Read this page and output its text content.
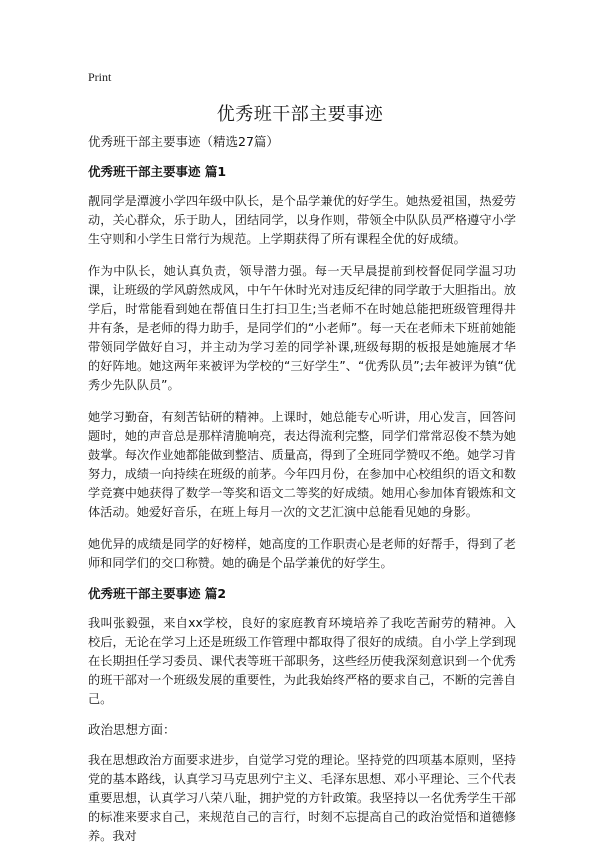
Print
优秀班干部主要事迹

优秀班干部主要事迹（精选27篇）

优秀班干部主要事迹 篇1

靓同学是潭渡小学四年级中队长，是个品学兼优的好学生。她热爱祖国，热爱劳动，关心群众，乐于助人，团结同学，以身作则，带领全中队队员严格遵守小学生守则和小学生日常行为规范。上学期获得了所有课程全优的好成绩。

作为中队长，她认真负责，领导潜力强。每一天早晨提前到校督促同学温习功课，让班级的学风蔚然成风，中午午休时光对违反纪律的同学敢于大胆指出。放学后，时常能看到她在帮值日生打扫卫生;当老师不在时她总能把班级管理得井井有条，是老师的得力助手，是同学们的“小老师”。每一天在老师未下班前她能带领同学做好自习，并主动为学习差的同学补课,班级每期的板报是她施展才华的好阵地。她这两年来被评为学校的“三好学生”、“优秀队员”;去年被评为镇“优秀少先队队员”。

她学习勤奋，有刻苦钻研的精神。上课时，她总能专心听讲，用心发言，回答问题时，她的声音总是那样清脆响亮，表达得流利完整，同学们常常忍俊不禁为她鼓掌。每次作业她都能做到整洁、质量高，得到了全班同学赞叹不绝。她学习肯努力，成绩一向持续在班级的前茅。今年四月份，在参加中心校组织的语文和数学竞赛中她获得了数学一等奖和语文二等奖的好成绩。她用心参加体育锻炼和文体活动。她爱好音乐，在班上每月一次的文艺汇演中总能看见她的身影。

她优异的成绩是同学的好榜样，她高度的工作职责心是老师的好帮手，得到了老师和同学们的交口称赞。她的确是个品学兼优的好学生。

优秀班干部主要事迹 篇2

我叫张毅强，来自xx学校，良好的家庭教育环境培养了我吃苦耐劳的精神。入校后，无论在学习上还是班级工作管理中都取得了很好的成绩。自小学上学到现在长期担任学习委员、课代表等班干部职务，这些经历使我深刻意识到一个优秀的班干部对一个班级发展的重要性，为此我始终严格的要求自己，不断的完善自己。

政治思想方面：

我在思想政治方面要求进步，自觉学习党的理论。坚持党的四项基本原则，坚持党的基本路线，认真学习马克思列宁主义、毛泽东思想、邓小平理论、三个代表重要思想，认真学习八荣八耻，拥护党的方针政策。我坚持以一名优秀学生干部的标准来要求自己，来规范自己的言行，时刻不忘提高自己的政治觉悟和道德修养。我对
